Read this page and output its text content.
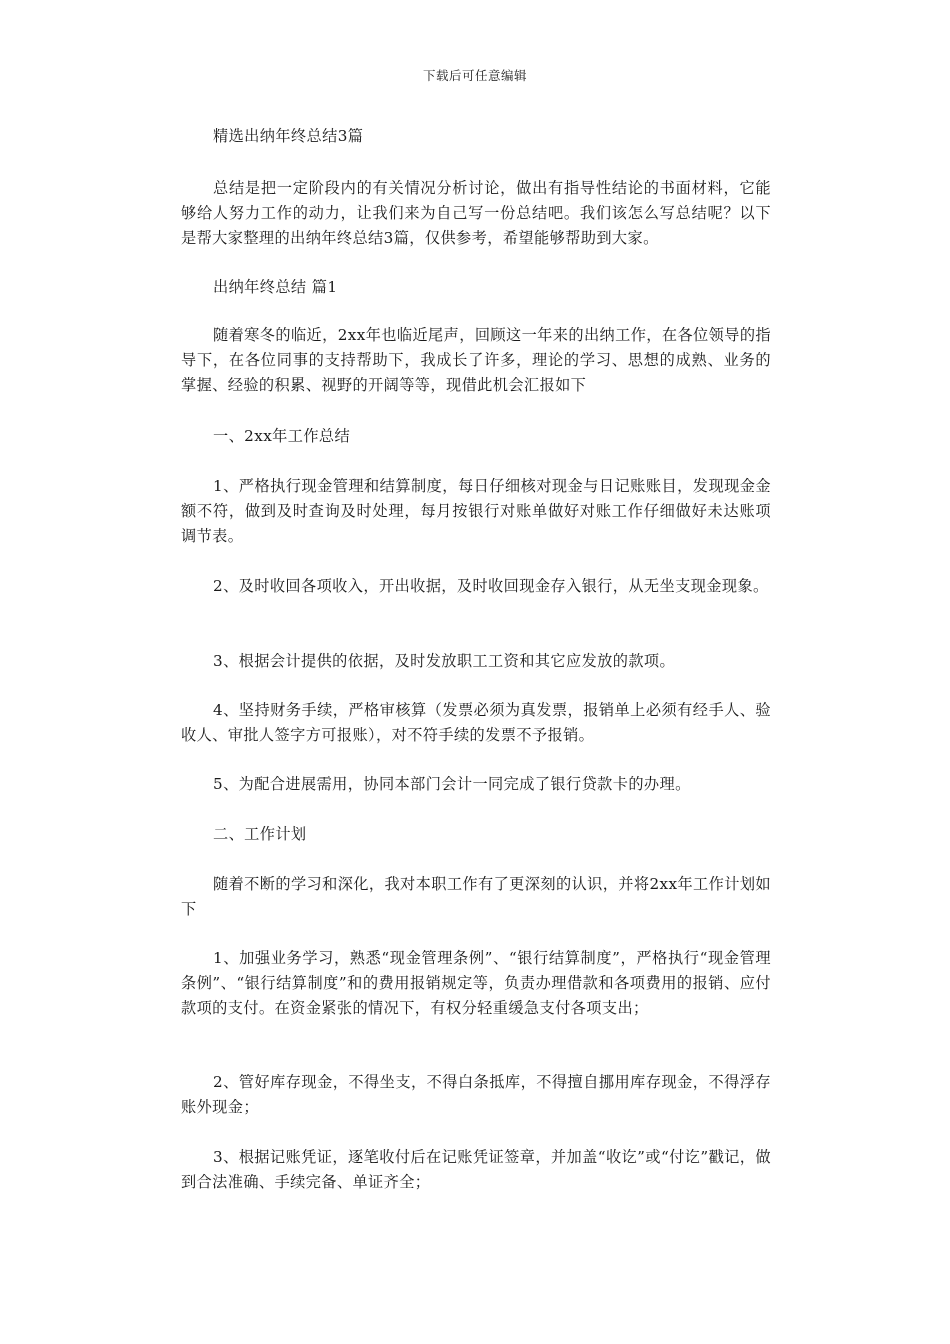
下载后可任意编辑

精选出纳年终总结3篇

总结是把一定阶段内的有关情况分析讨论，做出有指导性结论的书面材料，它能够给人努力工作的动力，让我们来为自己写一份总结吧。我们该怎么写总结呢？以下是帮大家整理的出纳年终总结3篇，仅供参考，希望能够帮助到大家。

出纳年终总结 篇1

随着寒冬的临近，2xx年也临近尾声，回顾这一年来的出纳工作，在各位领导的指导下，在各位同事的支持帮助下，我成长了许多，理论的学习、思想的成熟、业务的掌握、经验的积累、视野的开阔等等，现借此机会汇报如下

一、2xx年工作总结

1、严格执行现金管理和结算制度，每日仔细核对现金与日记账账目，发现现金金额不符，做到及时查询及时处理，每月按银行对账单做好对账工作仔细做好未达账项调节表。

2、及时收回各项收入，开出收据，及时收回现金存入银行，从无坐支现金现象。

3、根据会计提供的依据，及时发放职工工资和其它应发放的款项。

4、坚持财务手续，严格审核算（发票必须为真发票，报销单上必须有经手人、验收人、审批人签字方可报账），对不符手续的发票不予报销。

5、为配合进展需用，协同本部门会计一同完成了银行贷款卡的办理。

二、工作计划

随着不断的学习和深化，我对本职工作有了更深刻的认识，并将2xx年工作计划如下

1、加强业务学习，熟悉“现金管理条例”、“银行结算制度”，严格执行“现金管理条例”、“银行结算制度”和的费用报销规定等，负责办理借款和各项费用的报销、应付款项的支付。在资金紧张的情况下，有权分轻重缓急支付各项支出；

2、管好库存现金，不得坐支，不得白条抵库，不得擅自挪用库存现金，不得浮存账外现金；

3、根据记账凭证，逐笔收付后在记账凭证签章，并加盖“收讫”或“付讫”戳记，做到合法准确、手续完备、单证齐全；
